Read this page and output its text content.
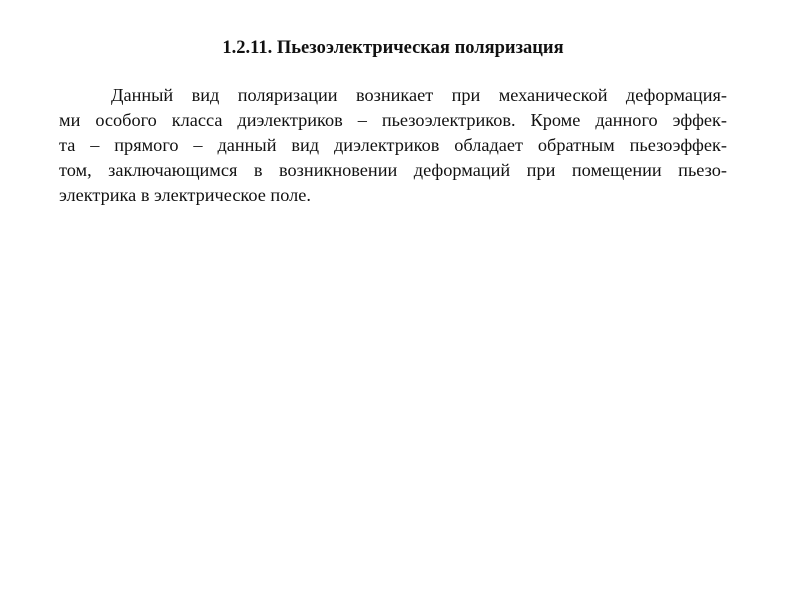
1.2.11. Пьезоэлектрическая поляризация
Данный вид поляризации возникает при механической деформация-
ми особого класса диэлектриков – пьезоэлектриков. Кроме данного эффек-
та – прямого – данный вид диэлектриков обладает обратным пьезоэффек-
том, заключающимся в возникновении деформаций при помещении пьезо-
электрика в электрическое поле.
